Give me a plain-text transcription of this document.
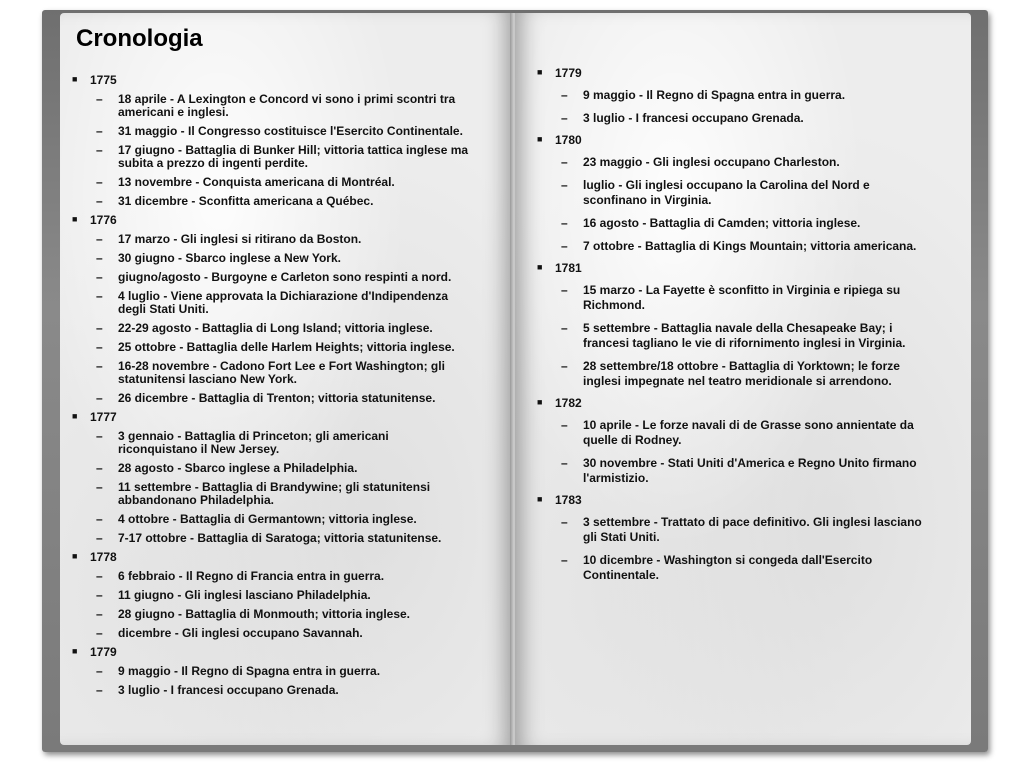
Cronologia
■ 1775
– 18 aprile - A Lexington e Concord vi sono i primi scontri tra americani e inglesi.
– 31 maggio - Il Congresso costituisce l'Esercito Continentale.
– 17 giugno - Battaglia di Bunker Hill; vittoria tattica inglese ma subita a prezzo di ingenti perdite.
– 13 novembre - Conquista americana di Montréal.
– 31 dicembre - Sconfitta americana a Québec.
■ 1776
– 17 marzo - Gli inglesi si ritirano da Boston.
– 30 giugno - Sbarco inglese a New York.
– giugno/agosto - Burgoyne e Carleton sono respinti a nord.
– 4 luglio - Viene approvata la Dichiarazione d'Indipendenza degli Stati Uniti.
– 22-29 agosto - Battaglia di Long Island; vittoria inglese.
– 25 ottobre - Battaglia delle Harlem Heights; vittoria inglese.
– 16-28 novembre - Cadono Fort Lee e Fort Washington; gli statunitensi lasciano New York.
– 26 dicembre - Battaglia di Trenton; vittoria statunitense.
■ 1777
– 3 gennaio - Battaglia di Princeton; gli americani riconquistano il New Jersey.
– 28 agosto - Sbarco inglese a Philadelphia.
– 11 settembre - Battaglia di Brandywine; gli statunitensi abbandonano Philadelphia.
– 4 ottobre - Battaglia di Germantown; vittoria inglese.
– 7-17 ottobre - Battaglia di Saratoga; vittoria statunitense.
■ 1778
– 6 febbraio - Il Regno di Francia entra in guerra.
– 11 giugno - Gli inglesi lasciano Philadelphia.
– 28 giugno - Battaglia di Monmouth; vittoria inglese.
– dicembre - Gli inglesi occupano Savannah.
■ 1779
– 9 maggio - Il Regno di Spagna entra in guerra.
– 3 luglio - I francesi occupano Grenada.
■ 1779
– 9 maggio - Il Regno di Spagna entra in guerra.
– 3 luglio - I francesi occupano Grenada.
■ 1780
– 23 maggio - Gli inglesi occupano Charleston.
– luglio - Gli inglesi occupano la Carolina del Nord e sconfinano in Virginia.
– 16 agosto - Battaglia di Camden; vittoria inglese.
– 7 ottobre - Battaglia di Kings Mountain; vittoria americana.
■ 1781
– 15 marzo - La Fayette è sconfitto in Virginia e ripiega su Richmond.
– 5 settembre - Battaglia navale della Chesapeake Bay; i francesi tagliano le vie di rifornimento inglesi in Virginia.
– 28 settembre/18 ottobre - Battaglia di Yorktown; le forze inglesi impegnate nel teatro meridionale si arrendono.
■ 1782
– 10 aprile - Le forze navali di de Grasse sono annientate da quelle di Rodney.
– 30 novembre - Stati Uniti d'America e Regno Unito firmano l'armistizio.
■ 1783
– 3 settembre - Trattato di pace definitivo. Gli inglesi lasciano gli Stati Uniti.
– 10 dicembre - Washington si congeda dall'Esercito Continentale.
